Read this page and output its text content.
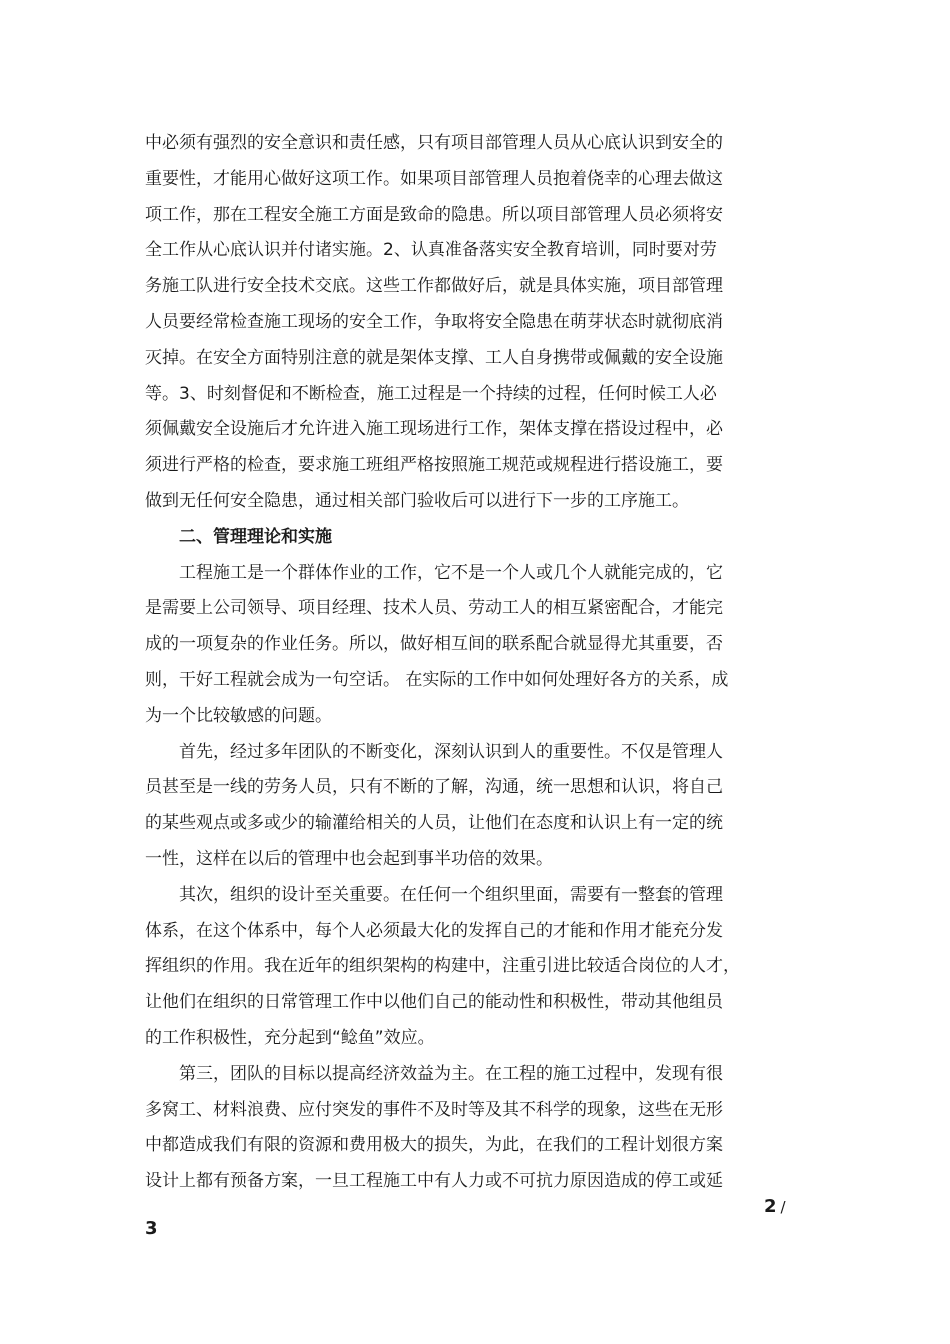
中必须有强烈的安全意识和责任感，只有项目部管理人员从心底认识到安全的
重要性，才能用心做好这项工作。如果项目部管理人员抱着侥幸的心理去做这
项工作，那在工程安全施工方面是致命的隐患。所以项目部管理人员必须将安
全工作从心底认识并付诸实施。2、认真准备落实安全教育培训，同时要对劳
务施工队进行安全技术交底。这些工作都做好后，就是具体实施，项目部管理
人员要经常检查施工现场的安全工作，争取将安全隐患在萌芽状态时就彻底消
灭掉。在安全方面特别注意的就是架体支撑、工人自身携带或佩戴的安全设施
等。3、时刻督促和不断检查，施工过程是一个持续的过程，任何时候工人必
须佩戴安全设施后才允许进入施工现场进行工作，架体支撑在搭设过程中，必
须进行严格的检查，要求施工班组严格按照施工规范或规程进行搭设施工，要
做到无任何安全隐患，通过相关部门验收后可以进行下一步的工序施工。
二、管理理论和实施
工程施工是一个群体作业的工作，它不是一个人或几个人就能完成的，它
是需要上公司领导、项目经理、技术人员、劳动工人的相互紧密配合，才能完
成的一项复杂的作业任务。所以，做好相互间的联系配合就显得尤其重要，否
则，干好工程就会成为一句空话。 在实际的工作中如何处理好各方的关系，成
为一个比较敏感的问题。
首先，经过多年团队的不断变化，深刻认识到人的重要性。不仅是管理人
员甚至是一线的劳务人员，只有不断的了解，沟通，统一思想和认识，将自己
的某些观点或多或少的输灌给相关的人员，让他们在态度和认识上有一定的统
一性，这样在以后的管理中也会起到事半功倍的效果。
其次，组织的设计至关重要。在任何一个组织里面，需要有一整套的管理
体系，在这个体系中，每个人必须最大化的发挥自己的才能和作用才能充分发
挥组织的作用。我在近年的组织架构的构建中，注重引进比较适合岗位的人才，
让他们在组织的日常管理工作中以他们自己的能动性和积极性，带动其他组员
的工作积极性，充分起到“鲶鱼”效应。
第三，团队的目标以提高经济效益为主。在工程的施工过程中，发现有很
多窝工、材料浪费、应付突发的事件不及时等及其不科学的现象，这些在无形
中都造成我们有限的资源和费用极大的损失，为此，在我们的工程计划很方案
设计上都有预备方案，一旦工程施工中有人力或不可抗力原因造成的停工或延
2 /
3
